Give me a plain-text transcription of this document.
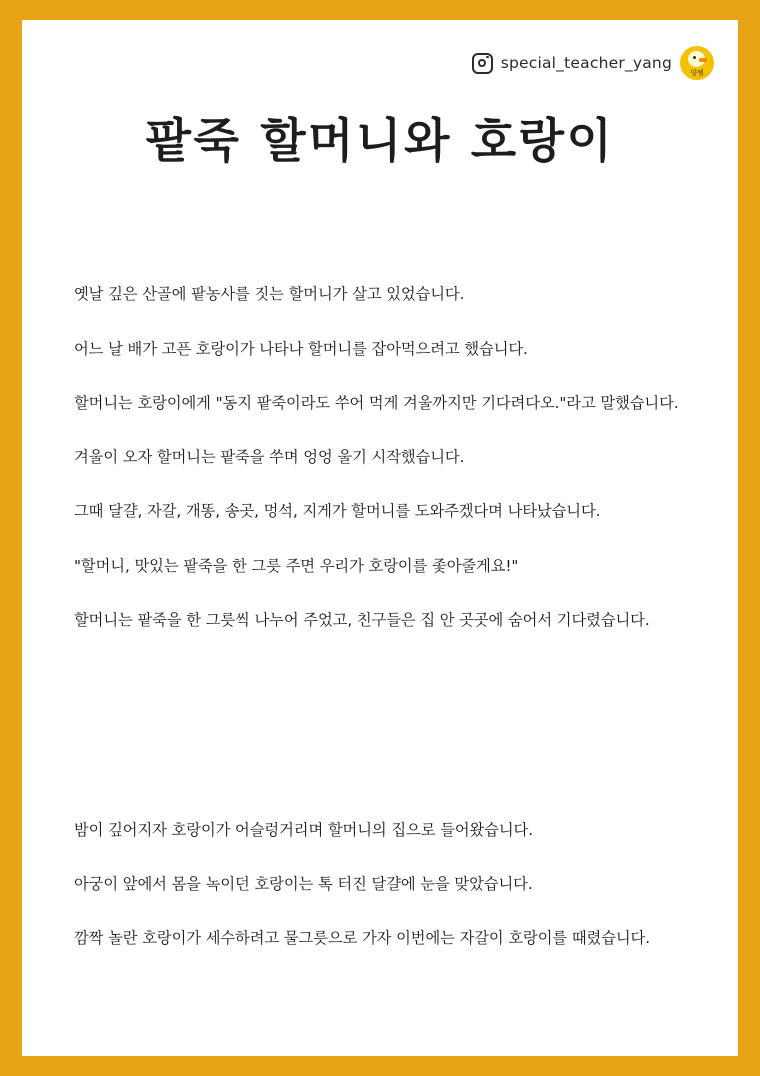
special_teacher_yang
양쌤
팥죽 할머니와 호랑이

옛날 깊은 산골에 팥농사를 짓는 할머니가 살고 있었습니다.

어느 날 배가 고픈 호랑이가 나타나 할머니를 잡아먹으려고 했습니다.

할머니는 호랑이에게 "동지 팥죽이라도 쑤어 먹게 겨울까지만 기다려다오."라고 말했습니다.

겨울이 오자 할머니는 팥죽을 쑤며 엉엉 울기 시작했습니다.

그때 달걀, 자갈, 개똥, 송곳, 멍석, 지게가 할머니를 도와주겠다며 나타났습니다.

"할머니, 맛있는 팥죽을 한 그릇 주면 우리가 호랑이를 좇아줄게요!"

할머니는 팥죽을 한 그릇씩 나누어 주었고, 친구들은 집 안 곳곳에 숨어서 기다렸습니다.

밤이 깊어지자 호랑이가 어슬렁거리며 할머니의 집으로 들어왔습니다.

아궁이 앞에서 몸을 녹이던 호랑이는 톡 터진 달걀에 눈을 맞았습니다.

깜짝 놀란 호랑이가 세수하려고 물그릇으로 가자 이번에는 자갈이 호랑이를 때렸습니다.
